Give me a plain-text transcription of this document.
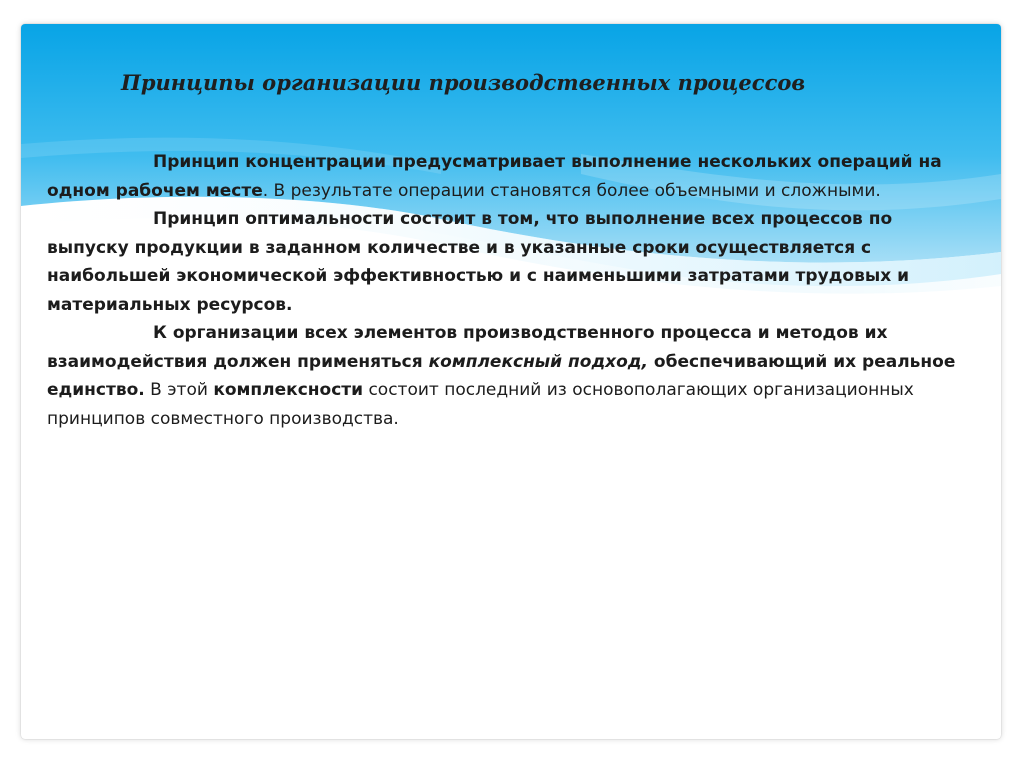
Принципы организации производственных процессов

Принцип концентрации предусматривает выполнение нескольких операций на одном рабочем месте. В результате операции становятся более объемными и сложными.

Принцип оптимальности состоит в том, что выполнение всех процессов по выпуску продукции в заданном количестве и в указанные сроки осуществляется с наибольшей экономической эффективностью и с наименьшими затратами трудовых и материальных ресурсов.

К организации всех элементов производственного процесса и методов их взаимодействия должен применяться комплексный подход, обеспечивающий их реальное единство. В этой комплексности состоит последний из основополагающих организационных принципов совместного производства.
